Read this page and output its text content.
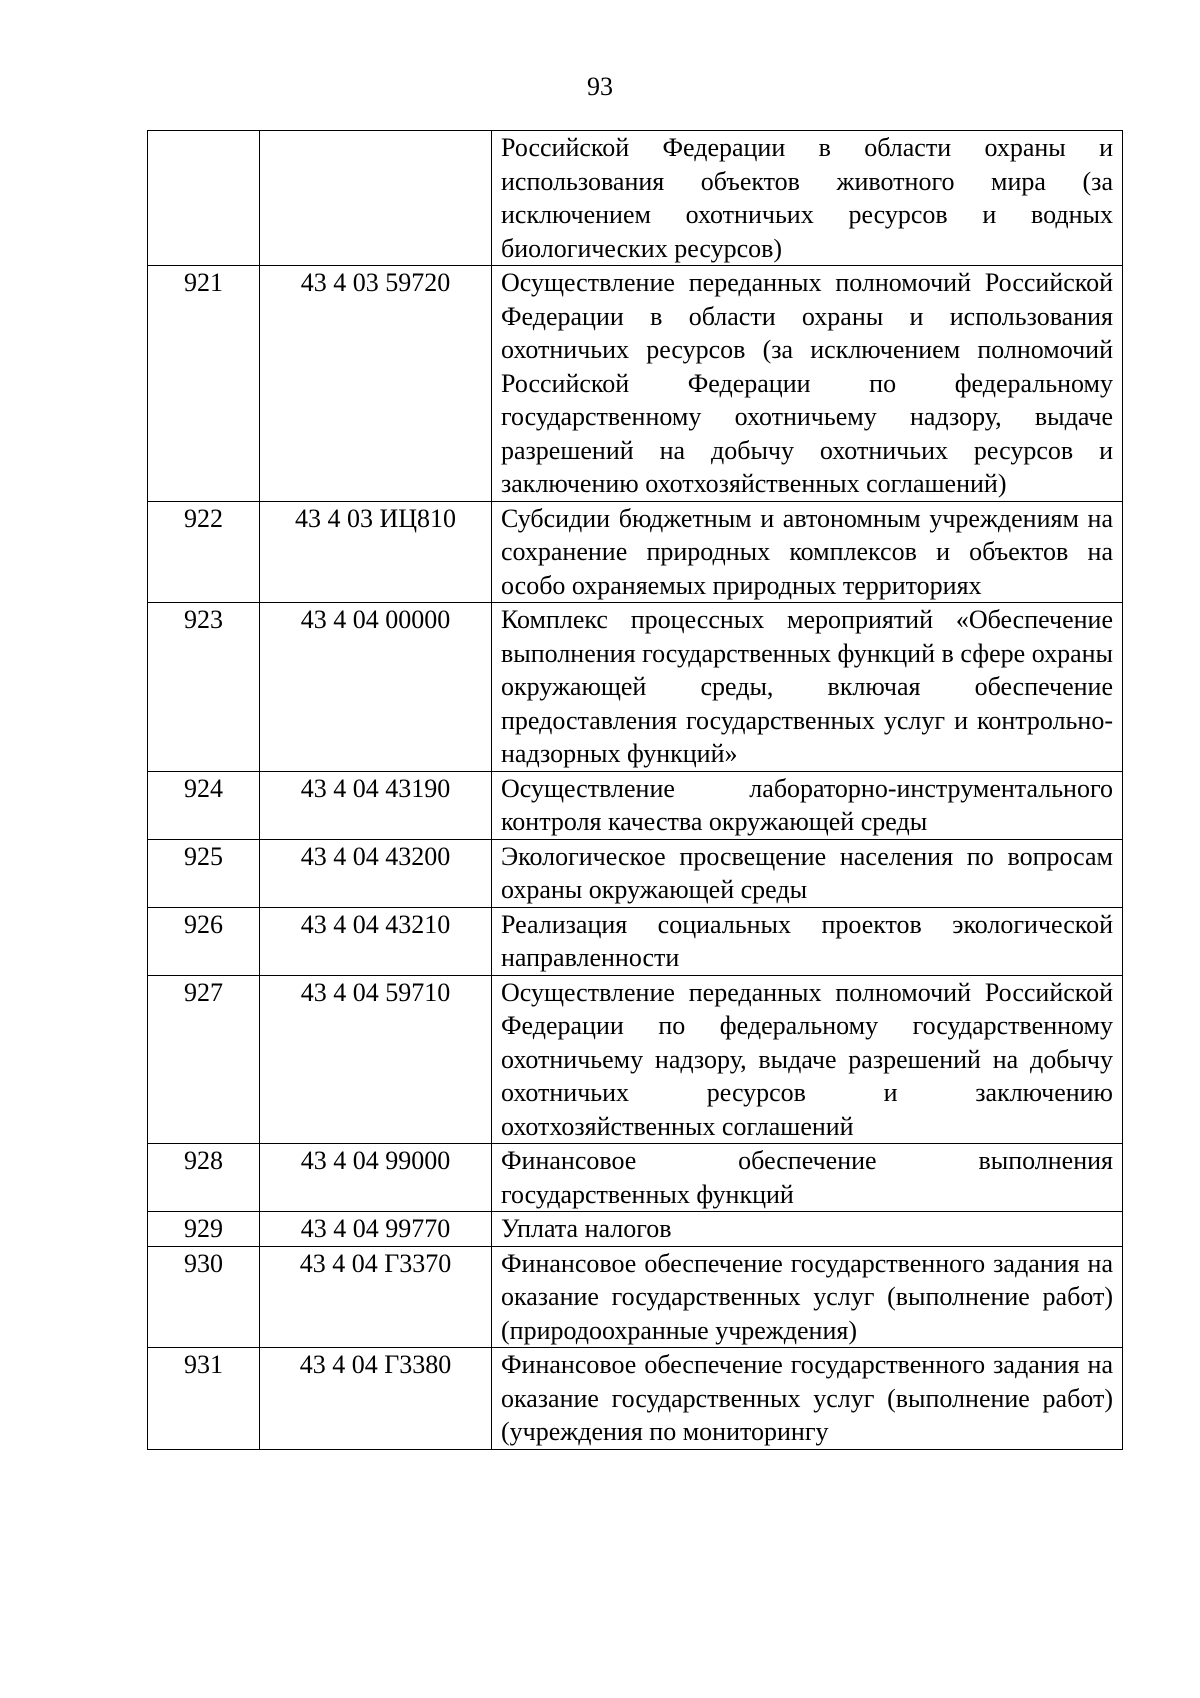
93
		Российской Федерации в области охраны и использования объектов животного мира (за исключением охотничьих ресурсов и водных биологических ресурсов)
921	43 4 03 59720	Осуществление переданных полномочий Российской Федерации в области охраны и использования охотничьих ресурсов (за исключением полномочий Российской Федерации по федеральному государственному охотничьему надзору, выдаче разрешений на добычу охотничьих ресурсов и заключению охотхозяйственных соглашений)
922	43 4 03 ИЦ810	Субсидии бюджетным и автономным учреждениям на сохранение природных комплексов и объектов на особо охраняемых природных территориях
923	43 4 04 00000	Комплекс процессных мероприятий «Обеспечение выполнения государственных функций в сфере охраны окружающей среды, включая обеспечение предоставления государственных услуг и контрольно-надзорных функций»
924	43 4 04 43190	Осуществление лабораторно-инструментального контроля качества окружающей среды
925	43 4 04 43200	Экологическое просвещение населения по вопросам охраны окружающей среды
926	43 4 04 43210	Реализация социальных проектов экологической направленности
927	43 4 04 59710	Осуществление переданных полномочий Российской Федерации по федеральному государственному охотничьему надзору, выдаче разрешений на добычу охотничьих ресурсов и заключению охотхозяйственных соглашений
928	43 4 04 99000	Финансовое обеспечение выполнения государственных функций
929	43 4 04 99770	Уплата налогов
930	43 4 04 Г3370	Финансовое обеспечение государственного задания на оказание государственных услуг (выполнение работ) (природоохранные учреждения)
931	43 4 04 Г3380	Финансовое обеспечение государственного задания на оказание государственных услуг (выполнение работ) (учреждения по мониторингу
